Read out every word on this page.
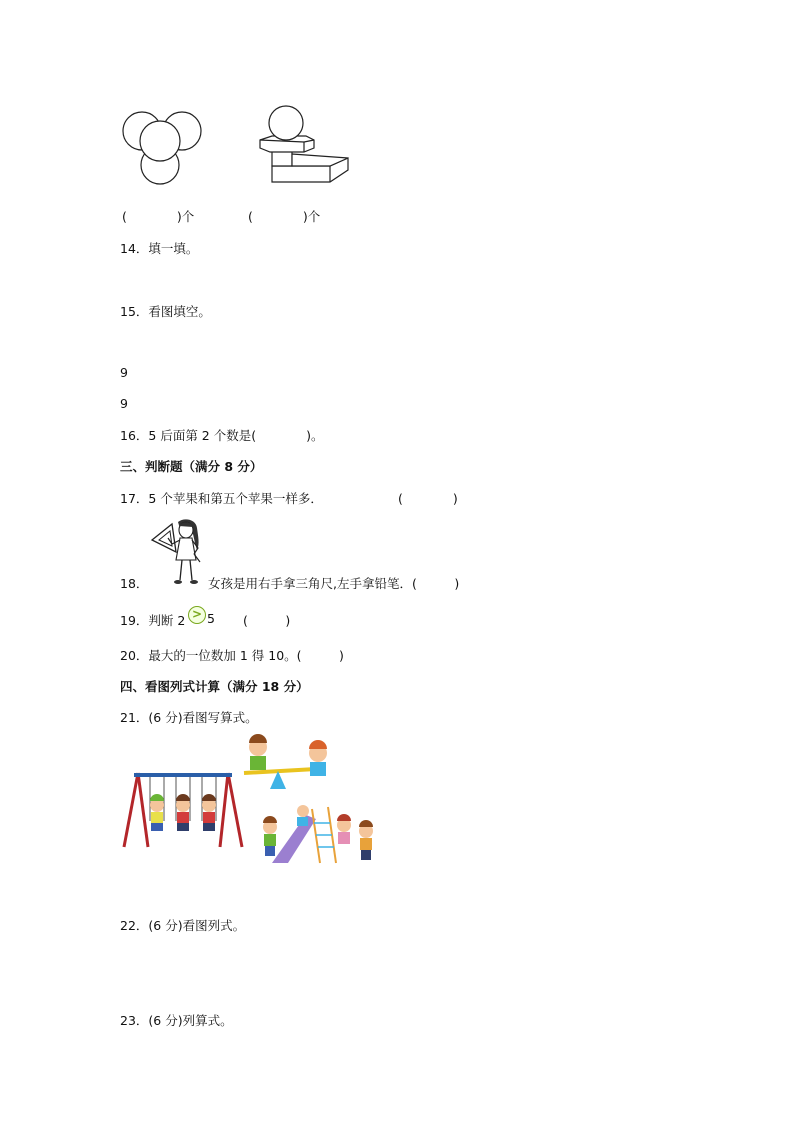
(　　　　)个	(　　　　)个
14．填一填。
15．看图填空。
9
9
16．5 后面第 2 个数是(　　　　)。
三、判断题（满分 8 分）
17．5 个苹果和第五个苹果一样多．	(　　　　)
18．	女孩是用右手拿三角尺,左手拿铅笔．(　　　)
19．判断 2 > 5 (　　　)
20．最大的一位数加 1 得 10。(　　　)
四、看图列式计算（满分 18 分）
21．(6 分)看图写算式。
22．(6 分)看图列式。
23．(6 分)列算式。
